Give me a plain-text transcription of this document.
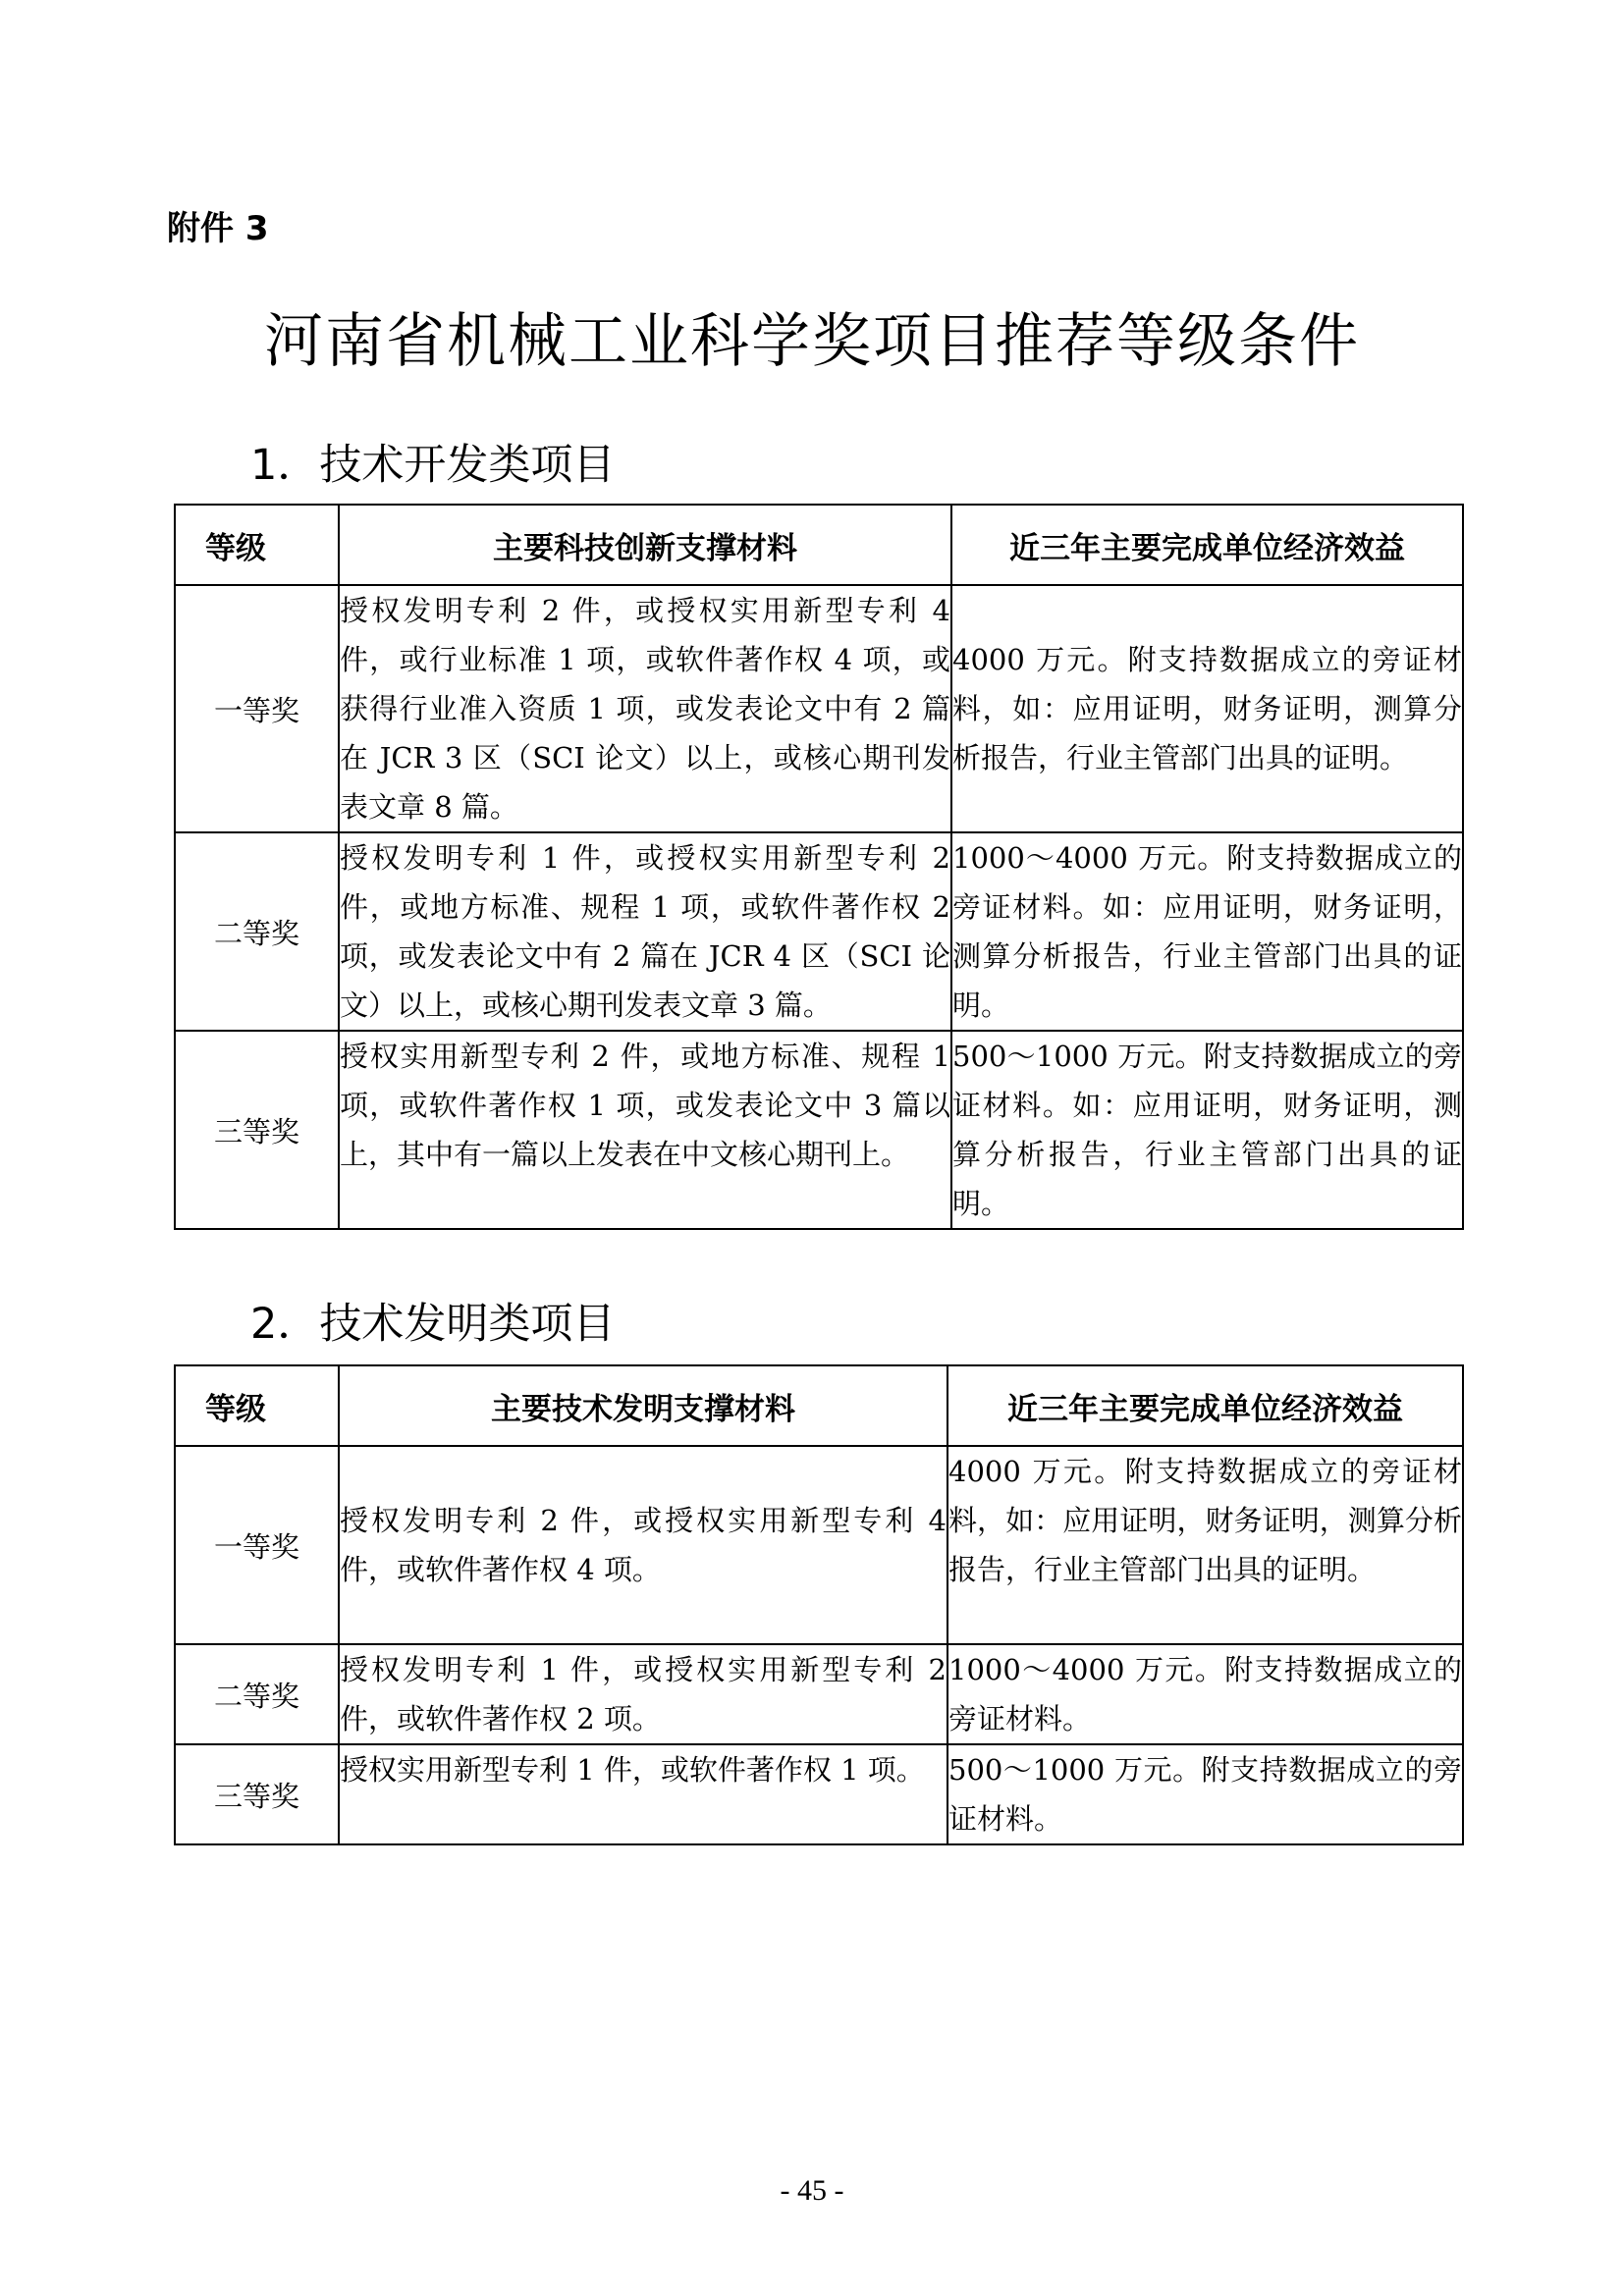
附件 3
河南省机械工业科学奖项目推荐等级条件
1．技术开发类项目
等级	主要科技创新支撑材料	近三年主要完成单位经济效益
一等奖	授权发明专利 2 件，或授权实用新型专利 4 件，或行业标准 1 项，或软件著作权 4 项，或获得行业准入资质 1 项，或发表论文中有 2 篇在 JCR 3 区（SCI 论文）以上，或核心期刊发表文章 8 篇。	4000 万元。附支持数据成立的旁证材料，如：应用证明，财务证明，测算分析报告，行业主管部门出具的证明。
二等奖	授权发明专利 1 件，或授权实用新型专利 2 件，或地方标准、规程 1 项，或软件著作权 2 项，或发表论文中有 2 篇在 JCR 4 区（SCI 论文）以上，或核心期刊发表文章 3 篇。	1000～4000 万元。附支持数据成立的旁证材料。如：应用证明，财务证明，测算分析报告，行业主管部门出具的证明。
三等奖	授权实用新型专利 2 件，或地方标准、规程 1 项，或软件著作权 1 项，或发表论文中 3 篇以上，其中有一篇以上发表在中文核心期刊上。	500～1000 万元。附支持数据成立的旁证材料。如：应用证明，财务证明，测算分析报告，行业主管部门出具的证明。
2．技术发明类项目
等级	主要技术发明支撑材料	近三年主要完成单位经济效益
一等奖	授权发明专利 2 件，或授权实用新型专利 4 件，或软件著作权 4 项。	4000 万元。附支持数据成立的旁证材料，如：应用证明，财务证明，测算分析报告，行业主管部门出具的证明。
二等奖	授权发明专利 1 件，或授权实用新型专利 2 件，或软件著作权 2 项。	1000～4000 万元。附支持数据成立的旁证材料。
三等奖	授权实用新型专利 1 件，或软件著作权 1 项。	500～1000 万元。附支持数据成立的旁证材料。
- 45 -
